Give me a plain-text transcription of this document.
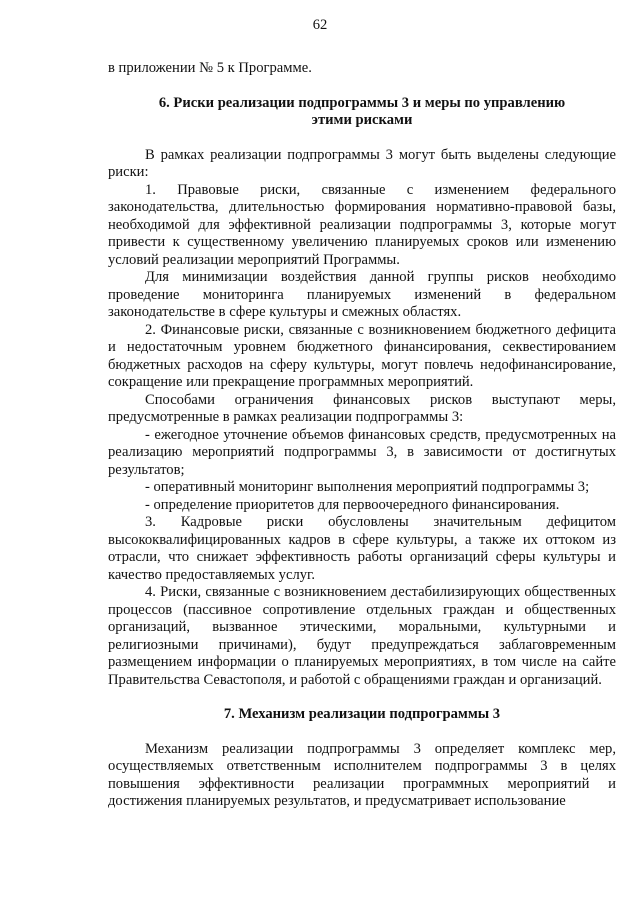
62

в приложении № 5 к Программе.

6. Риски реализации подпрограммы 3 и меры по управлению этими рисками

В рамках реализации подпрограммы 3 могут быть выделены следующие риски:

1. Правовые риски, связанные с изменением федерального законодательства, длительностью формирования нормативно-правовой базы, необходимой для эффективной реализации подпрограммы 3, которые могут привести к существенному увеличению планируемых сроков или изменению условий реализации мероприятий Программы.

Для минимизации воздействия данной группы рисков необходимо проведение мониторинга планируемых изменений в федеральном законодательстве в сфере культуры и смежных областях.

2. Финансовые риски, связанные с возникновением бюджетного дефицита и недостаточным уровнем бюджетного финансирования, секвестированием бюджетных расходов на сферу культуры, могут повлечь недофинансирование, сокращение или прекращение программных мероприятий.

Способами ограничения финансовых рисков выступают меры, предусмотренные в рамках реализации подпрограммы 3:

- ежегодное уточнение объемов финансовых средств, предусмотренных на реализацию мероприятий подпрограммы 3, в зависимости от достигнутых результатов;

- оперативный мониторинг выполнения мероприятий подпрограммы 3;

- определение приоритетов для первоочередного финансирования.

3. Кадровые риски обусловлены значительным дефицитом высококвалифицированных кадров в сфере культуры, а также их оттоком из отрасли, что снижает эффективность работы организаций сферы культуры и качество предоставляемых услуг.

4. Риски, связанные с возникновением дестабилизирующих общественных процессов (пассивное сопротивление отдельных граждан и общественных организаций, вызванное этическими, моральными, культурными и религиозными причинами), будут предупреждаться заблаговременным размещением информации о планируемых мероприятиях, в том числе на сайте Правительства Севастополя, и работой с обращениями граждан и организаций.

7. Механизм реализации подпрограммы 3

Механизм реализации подпрограммы 3 определяет комплекс мер, осуществляемых ответственным исполнителем подпрограммы 3 в целях повышения эффективности реализации программных мероприятий и достижения планируемых результатов, и предусматривает использование
